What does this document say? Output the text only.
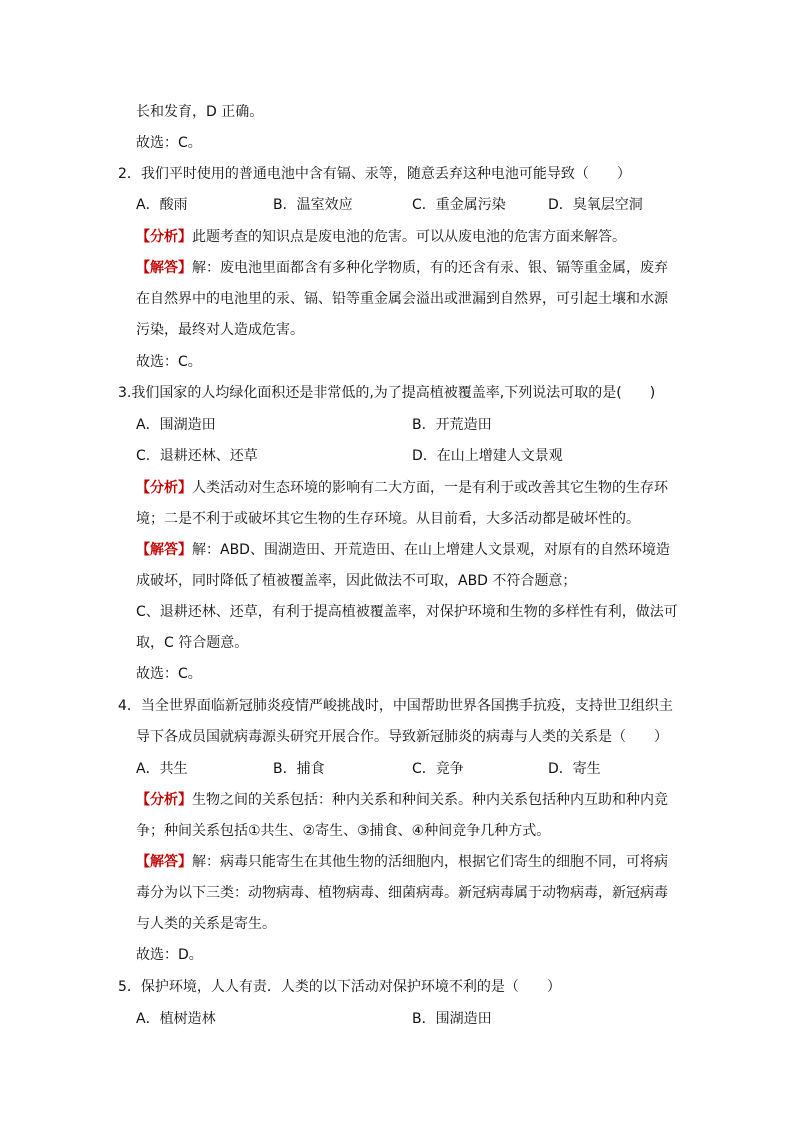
长和发育，D 正确。
故选：C。
2．我们平时使用的普通电池中含有镉、汞等，随意丢弃这种电池可能导致（　　）
A．酸雨	B．温室效应	C．重金属污染	D．臭氧层空洞
【分析】此题考查的知识点是废电池的危害。可以从废电池的危害方面来解答。
【解答】解：废电池里面都含有多种化学物质，有的还含有汞、银、镉等重金属，废弃
在自然界中的电池里的汞、镉、铅等重金属会溢出或泄漏到自然界，可引起土壤和水源
污染，最终对人造成危害。
故选：C。
3.我们国家的人均绿化面积还是非常低的,为了提高植被覆盖率,下列说法可取的是(　　)
A．围湖造田	B．开荒造田
C．退耕还林、还草	D．在山上增建人文景观
【分析】人类活动对生态环境的影响有二大方面，一是有利于或改善其它生物的生存环
境；二是不利于或破坏其它生物的生存环境。从目前看，大多活动都是破坏性的。
【解答】解：ABD、围湖造田、开荒造田、在山上增建人文景观，对原有的自然环境造
成破坏，同时降低了植被覆盖率，因此做法不可取，ABD 不符合题意；
C、退耕还林、还草，有利于提高植被覆盖率，对保护环境和生物的多样性有利，做法可
取，C 符合题意。
故选：C。
4．当全世界面临新冠肺炎疫情严峻挑战时，中国帮助世界各国携手抗疫，支持世卫组织主
导下各成员国就病毒源头研究开展合作。导致新冠肺炎的病毒与人类的关系是（　　）
A．共生	B．捕食	C．竞争	D．寄生
【分析】生物之间的关系包括：种内关系和种间关系。种内关系包括种内互助和种内竞
争；种间关系包括①共生、②寄生、③捕食、④种间竞争几种方式。
【解答】解：病毒只能寄生在其他生物的活细胞内，根据它们寄生的细胞不同，可将病
毒分为以下三类：动物病毒、植物病毒、细菌病毒。新冠病毒属于动物病毒，新冠病毒
与人类的关系是寄生。
故选：D。
5．保护环境，人人有责．人类的以下活动对保护环境不利的是（　　）
A．植树造林	B．围湖造田
